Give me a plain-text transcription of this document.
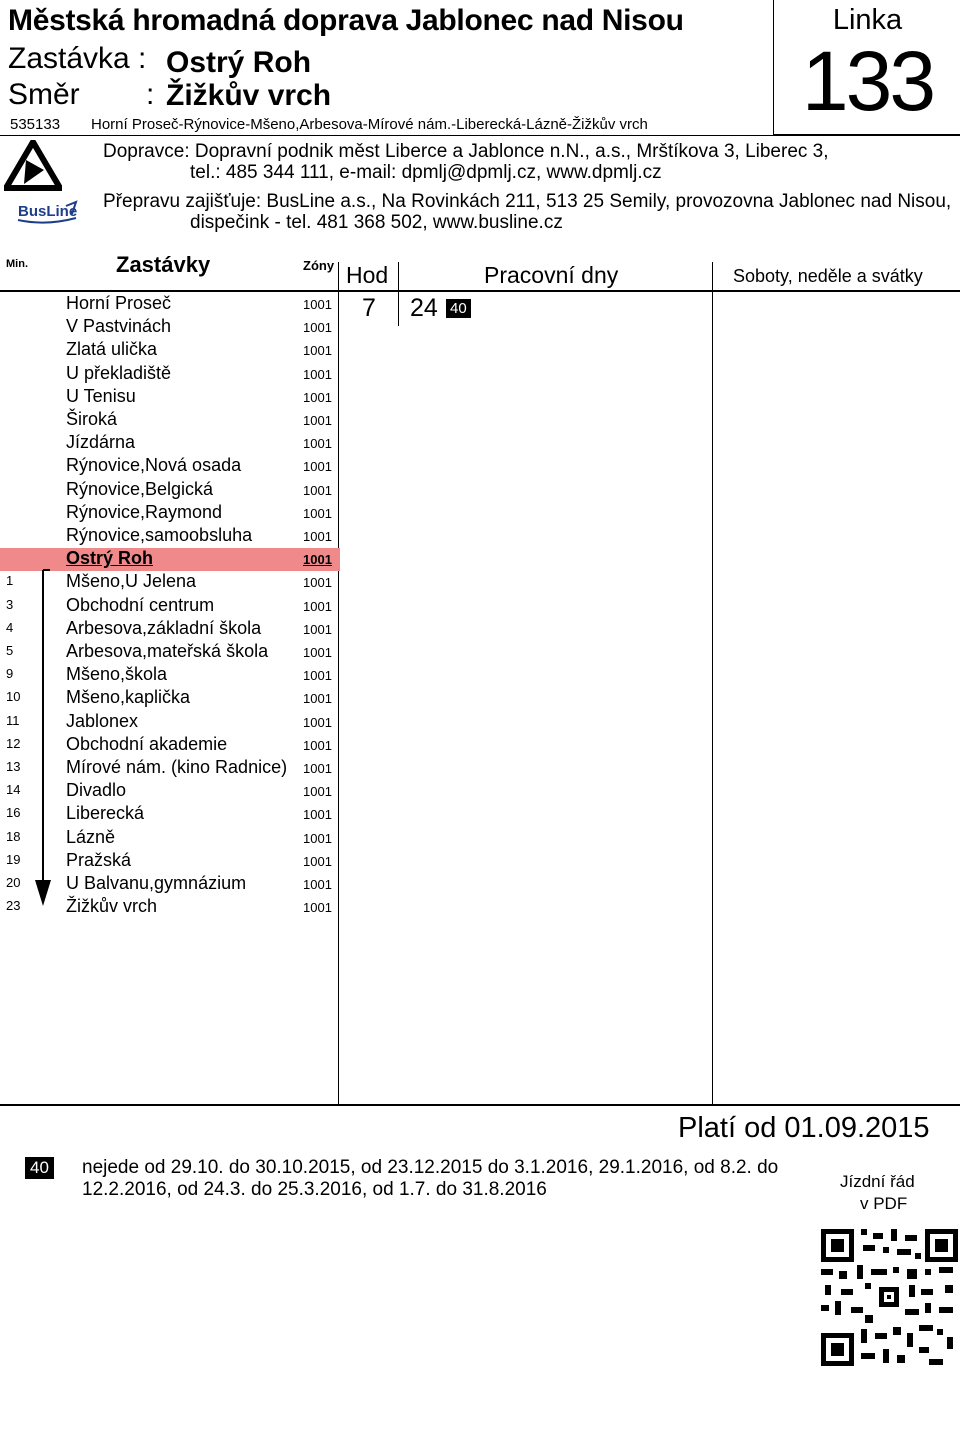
Městská hromadná doprava Jablonec nad Nisou
Zastávka : Ostrý Roh
Směr : Žižkův vrch
535133 Horní Proseč-Rýnovice-Mšeno,Arbesova-Mírové nám.-Liberecká-Lázně-Žižkův vrch
Linka
133
BusLine
Dopravce: Dopravní podnik měst Liberce a Jablonce n.N., a.s., Mrštíkova 3, Liberec 3,
tel.: 485 344 111, e-mail: dpmlj@dpmlj.cz, www.dpmlj.cz
Přepravu zajišťuje: BusLine a.s., Na Rovinkách 211, 513 25 Semily, provozovna Jablonec nad Nisou,
dispečink - tel. 481 368 502, www.busline.cz
Min.	Zastávky	Zóny Hod	Pracovní dny	Soboty, neděle a svátky
Horní Proseč	1001
V Pastvinách	1001
Zlatá ulička	1001
U překladiště	1001
U Tenisu	1001
Široká	1001
Jízdárna	1001
Rýnovice,Nová osada	1001
Rýnovice,Belgická	1001
Rýnovice,Raymond	1001
Rýnovice,samoobsluha	1001
Ostrý Roh	1001
1	Mšeno,U Jelena	1001
3	Obchodní centrum	1001
4	Arbesova,základní škola	1001
5	Arbesova,mateřská škola	1001
9	Mšeno,škola	1001
10	Mšeno,kaplička	1001
11	Jablonex	1001
12	Obchodní akademie	1001
13	Mírové nám. (kino Radnice) 1001
14	Divadlo	1001
16	Liberecká	1001
18	Lázně	1001
19	Pražská	1001
20	U Balvanu,gymnázium	1001
23	Žižkův vrch	1001
7 24 40
Platí od 01.09.2015
40 nejede od 29.10. do 30.10.2015, od 23.12.2015 do 3.1.2016, 29.1.2016, od 8.2. do 12.2.2016, od 24.3. do 25.3.2016, od 1.7. do 31.8.2016	Jízdní řád
v PDF
